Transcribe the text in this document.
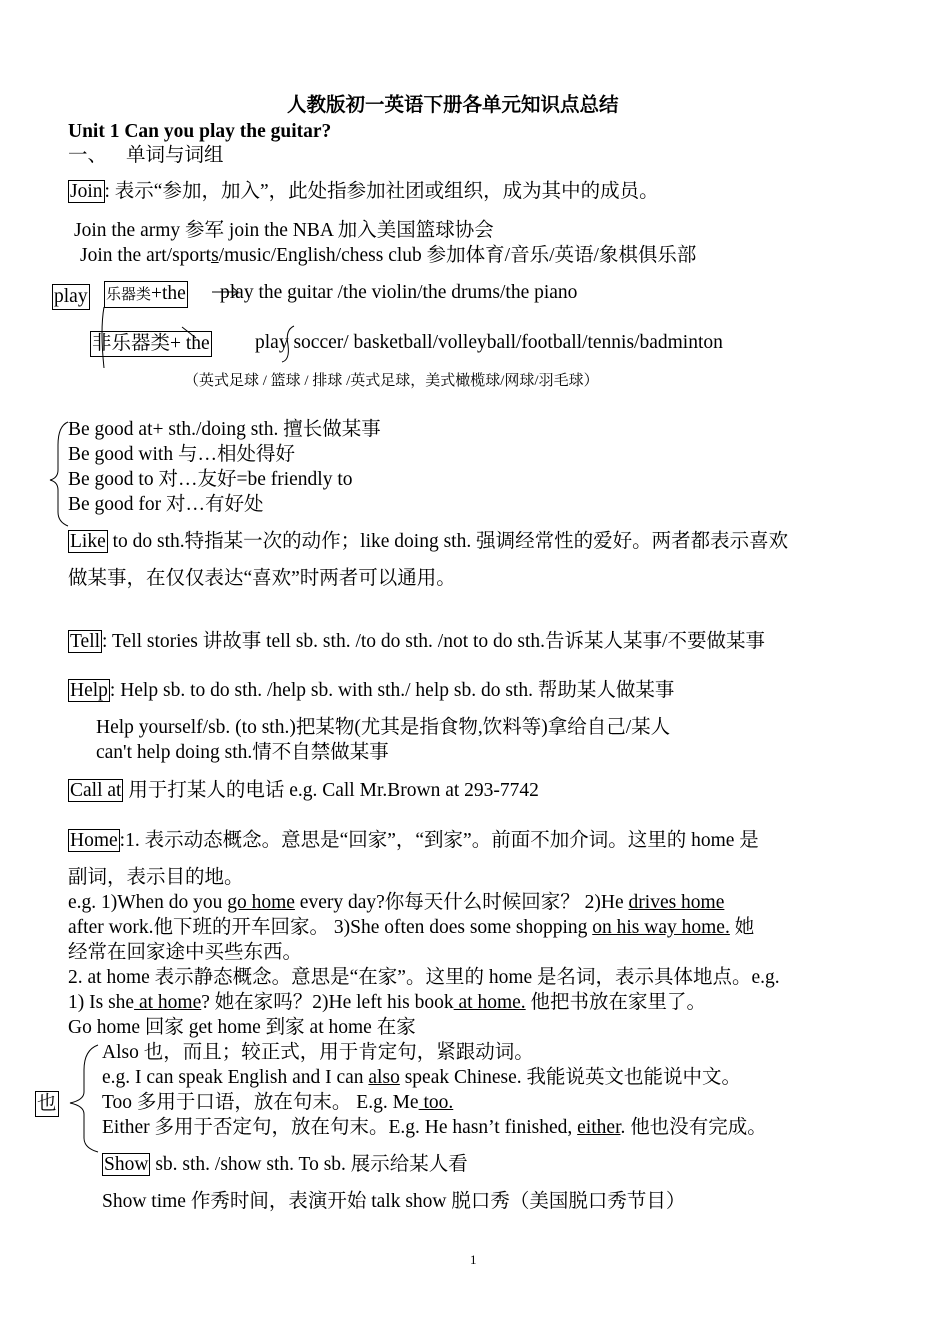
人教版初一英语下册各单元知识点总结
Unit 1 Can you play the guitar?
一、 单词与词组
Join : 表示“参加，加入”，此处指参加社团或组织，成为其中的成员。
Join the army 参军 join the NBA 加入美国篮球协会
Join the art/sports/music/English/chess club 参加体育/音乐/英语/象棋俱乐部
play 乐器类+the play the guitar /the violin/the drums/the piano
非乐器类+ the play soccer/ basketball/volleyball/football/tennis/badminton
（英式足球 / 篮球 / 排球 /英式足球，美式橄榄球/网球/羽毛球）
Be good at+ sth./doing sth. 擅长做某事
Be good with 与…相处得好
Be good to 对…友好=be friendly to
Be good for 对…有好处
Like to do sth.特指某一次的动作；like doing sth. 强调经常性的爱好。两者都表示喜欢
做某事，在仅仅表达“喜欢”时两者可以通用。
Tell : Tell stories 讲故事 tell sb. sth. /to do sth. /not to do sth.告诉某人某事/不要做某事
Help : Help sb. to do sth. /help sb. with sth./ help sb. do sth. 帮助某人做某事
Help yourself/sb. (to sth.)把某物(尤其是指食物,饮料等)拿给自己/某人
can't help doing sth.情不自禁做某事
Call at 用于打某人的电话 e.g. Call Mr.Brown at 293-7742
Home :1. 表示动态概念。意思是“回家”，“到家”。前面不加介词。这里的 home 是
副词，表示目的地。
e.g. 1)When do you go home every day?你每天什么时候回家？ 2)He drives home
after work.他下班的开车回家。 3)She often does some shopping on his way home. 她
经常在回家途中买些东西。
2. at home 表示静态概念。意思是“在家”。这里的 home 是名词，表示具体地点。e.g.
1) Is she at home? 她在家吗？2)He left his book at home. 他把书放在家里了。
Go home 回家 get home 到家 at home 在家
也
Also 也，而且；较正式，用于肯定句，紧跟动词。
e.g. I can speak English and I can also speak Chinese. 我能说英文也能说中文。
Too 多用于口语，放在句末。 E.g. Me too.
Either 多用于否定句，放在句末。E.g. He hasn’t finished, either. 他也没有完成。
Show sb. sth. /show sth. To sb. 展示给某人看
Show time 作秀时间，表演开始 talk show 脱口秀（美国脱口秀节目）
1
